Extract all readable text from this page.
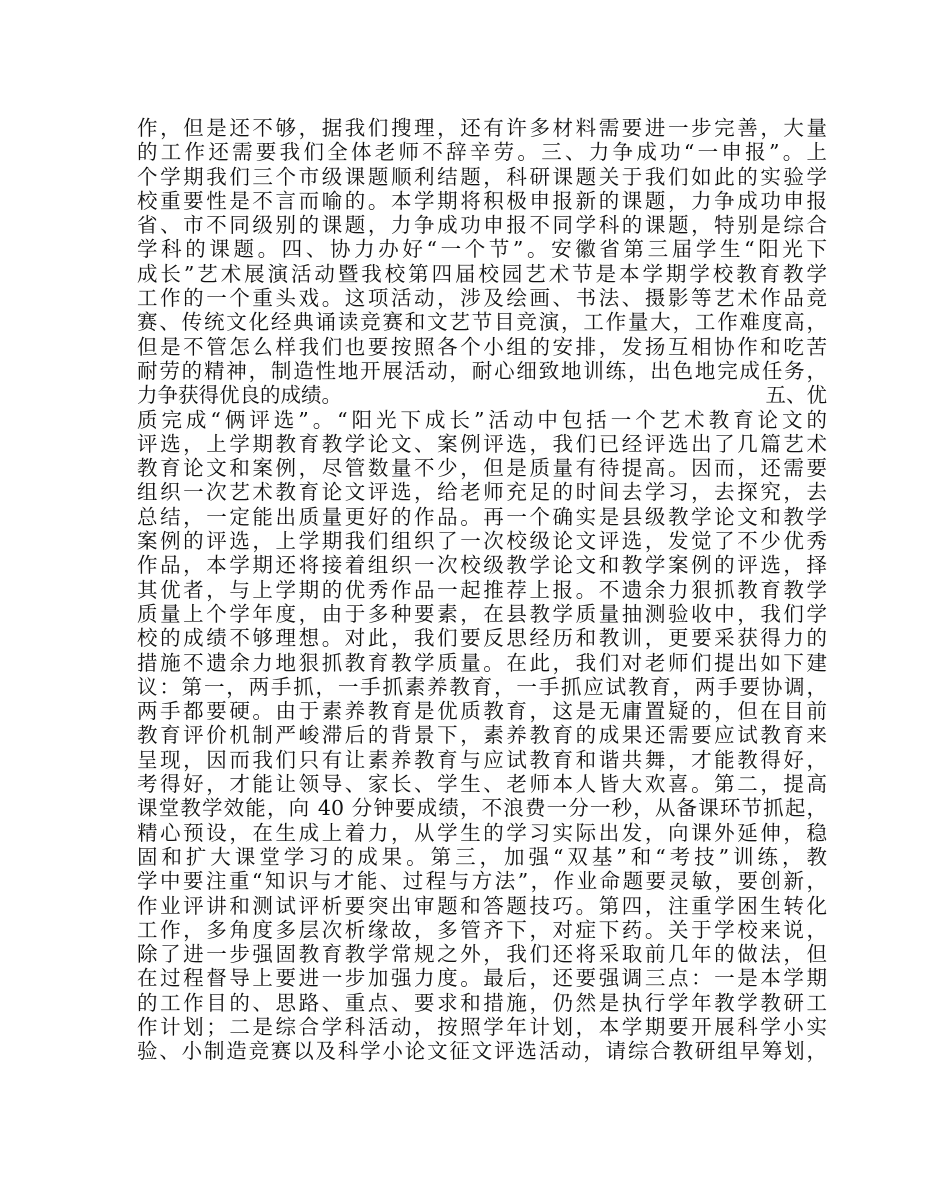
作，但是还不够，据我们搜理，还有许多材料需要进一步完善，大量
的工作还需要我们全体老师不辞辛劳。三、力争成功“一申报”。上
个学期我们三个市级课题顺利结题，科研课题关于我们如此的实验学
校重要性是不言而喻的。本学期将积极申报新的课题，力争成功申报
省、市不同级别的课题，力争成功申报不同学科的课题，特别是综合
学科的课题。四、协力办好“一个节”。安徽省第三届学生“阳光下
成长”艺术展演活动暨我校第四届校园艺术节是本学期学校教育教学
工作的一个重头戏。这项活动，涉及绘画、书法、摄影等艺术作品竞
赛、传统文化经典诵读竞赛和文艺节目竞演，工作量大，工作难度高，
但是不管怎么样我们也要按照各个小组的安排，发扬互相协作和吃苦
耐劳的精神，制造性地开展活动，耐心细致地训练，出色地完成任务，
力争获得优良的成绩。	五、优
质完成“俩评选”。“阳光下成长”活动中包括一个艺术教育论文的
评选，上学期教育教学论文、案例评选，我们已经评选出了几篇艺术
教育论文和案例，尽管数量不少，但是质量有待提高。因而，还需要
组织一次艺术教育论文评选，给老师充足的时间去学习，去探究，去
总结，一定能出质量更好的作品。再一个确实是县级教学论文和教学
案例的评选，上学期我们组织了一次校级论文评选，发觉了不少优秀
作品，本学期还将接着组织一次校级教学论文和教学案例的评选，择
其优者，与上学期的优秀作品一起推荐上报。不遗余力狠抓教育教学
质量上个学年度，由于多种要素，在县教学质量抽测验收中，我们学
校的成绩不够理想。对此，我们要反思经历和教训，更要采获得力的
措施不遗余力地狠抓教育教学质量。在此，我们对老师们提出如下建
议：第一，两手抓，一手抓素养教育，一手抓应试教育，两手要协调，
两手都要硬。由于素养教育是优质教育，这是无庸置疑的，但在目前
教育评价机制严峻滞后的背景下，素养教育的成果还需要应试教育来
呈现，因而我们只有让素养教育与应试教育和谐共舞，才能教得好，
考得好，才能让领导、家长、学生、老师本人皆大欢喜。第二，提高
课堂教学效能，向 40 分钟要成绩，不浪费一分一秒，从备课环节抓起，
精心预设，在生成上着力，从学生的学习实际出发，向课外延伸，稳
固和扩大课堂学习的成果。第三，加强“双基”和“考技”训练，教
学中要注重“知识与才能、过程与方法”，作业命题要灵敏，要创新，
作业评讲和测试评析要突出审题和答题技巧。第四，注重学困生转化
工作，多角度多层次析缘故，多管齐下，对症下药。关于学校来说，
除了进一步强固教育教学常规之外，我们还将采取前几年的做法，但
在过程督导上要进一步加强力度。最后，还要强调三点：一是本学期
的工作目的、思路、重点、要求和措施，仍然是执行学年教学教研工
作计划；二是综合学科活动，按照学年计划，本学期要开展科学小实
验、小制造竞赛以及科学小论文征文评选活动，请综合教研组早筹划，
